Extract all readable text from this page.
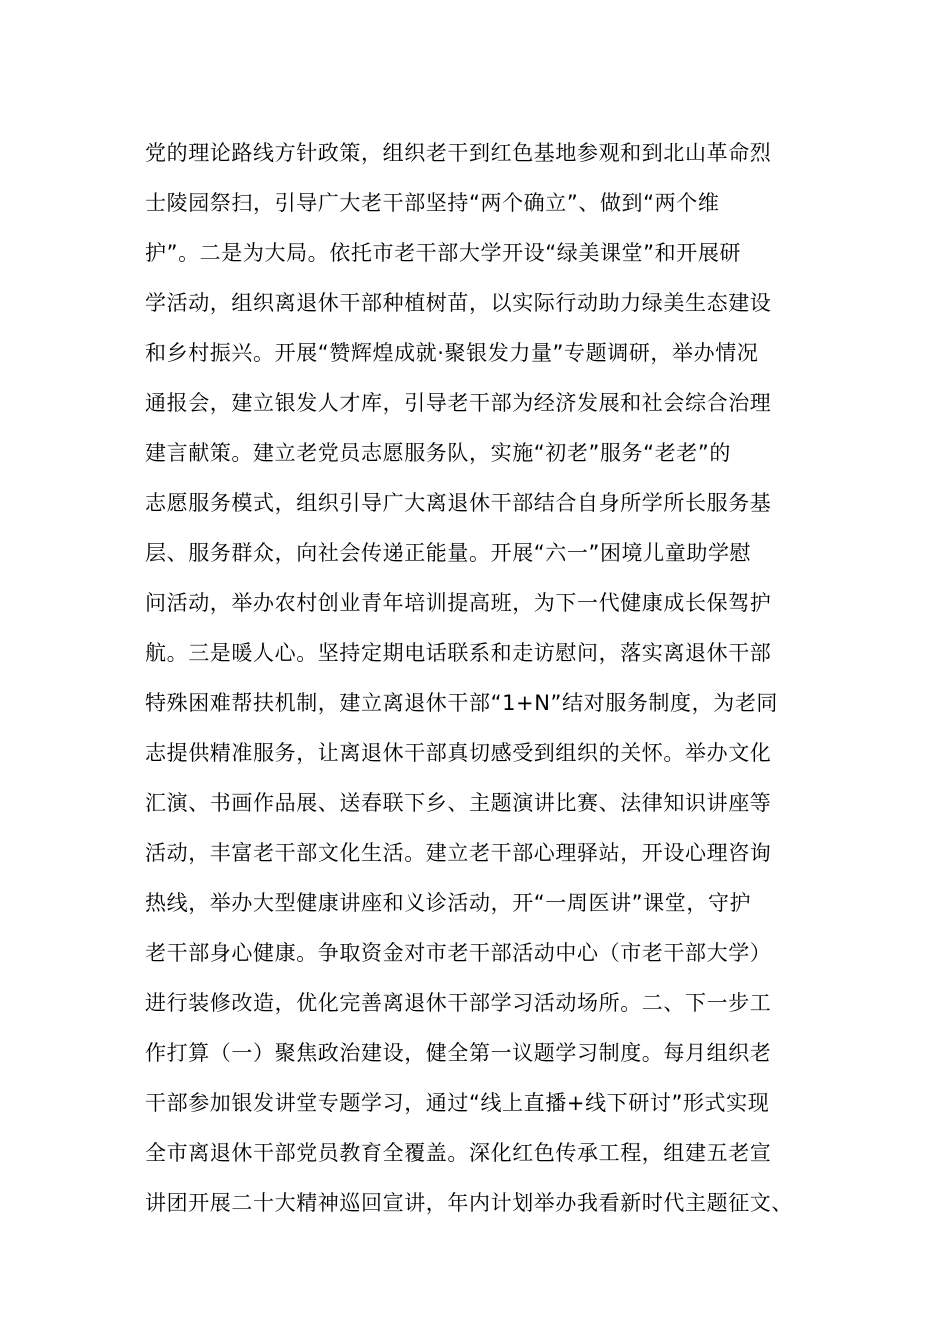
党的理论路线方针政策，组织老干到红色基地参观和到北山革命烈
士陵园祭扫，引导广大老干部坚持“两个确立”、做到“两个维
护”。二是为大局。依托市老干部大学开设“绿美课堂”和开展研
学活动，组织离退休干部种植树苗，以实际行动助力绿美生态建设
和乡村振兴。开展“赞辉煌成就·聚银发力量”专题调研，举办情况
通报会，建立银发人才库，引导老干部为经济发展和社会综合治理
建言献策。建立老党员志愿服务队，实施“初老”服务“老老”的
志愿服务模式，组织引导广大离退休干部结合自身所学所长服务基
层、服务群众，向社会传递正能量。开展“六一”困境儿童助学慰
问活动，举办农村创业青年培训提高班，为下一代健康成长保驾护
航。三是暖人心。坚持定期电话联系和走访慰问，落实离退休干部
特殊困难帮扶机制，建立离退休干部“1+N”结对服务制度，为老同
志提供精准服务，让离退休干部真切感受到组织的关怀。举办文化
汇演、书画作品展、送春联下乡、主题演讲比赛、法律知识讲座等
活动，丰富老干部文化生活。建立老干部心理驿站，开设心理咨询
热线，举办大型健康讲座和义诊活动，开“一周医讲”课堂，守护
老干部身心健康。争取资金对市老干部活动中心（市老干部大学）
进行装修改造，优化完善离退休干部学习活动场所。二、下一步工
作打算（一）聚焦政治建设，健全第一议题学习制度。每月组织老
干部参加银发讲堂专题学习，通过“线上直播+线下研讨”形式实现
全市离退休干部党员教育全覆盖。深化红色传承工程，组建五老宣
讲团开展二十大精神巡回宣讲，年内计划举办我看新时代主题征文、
